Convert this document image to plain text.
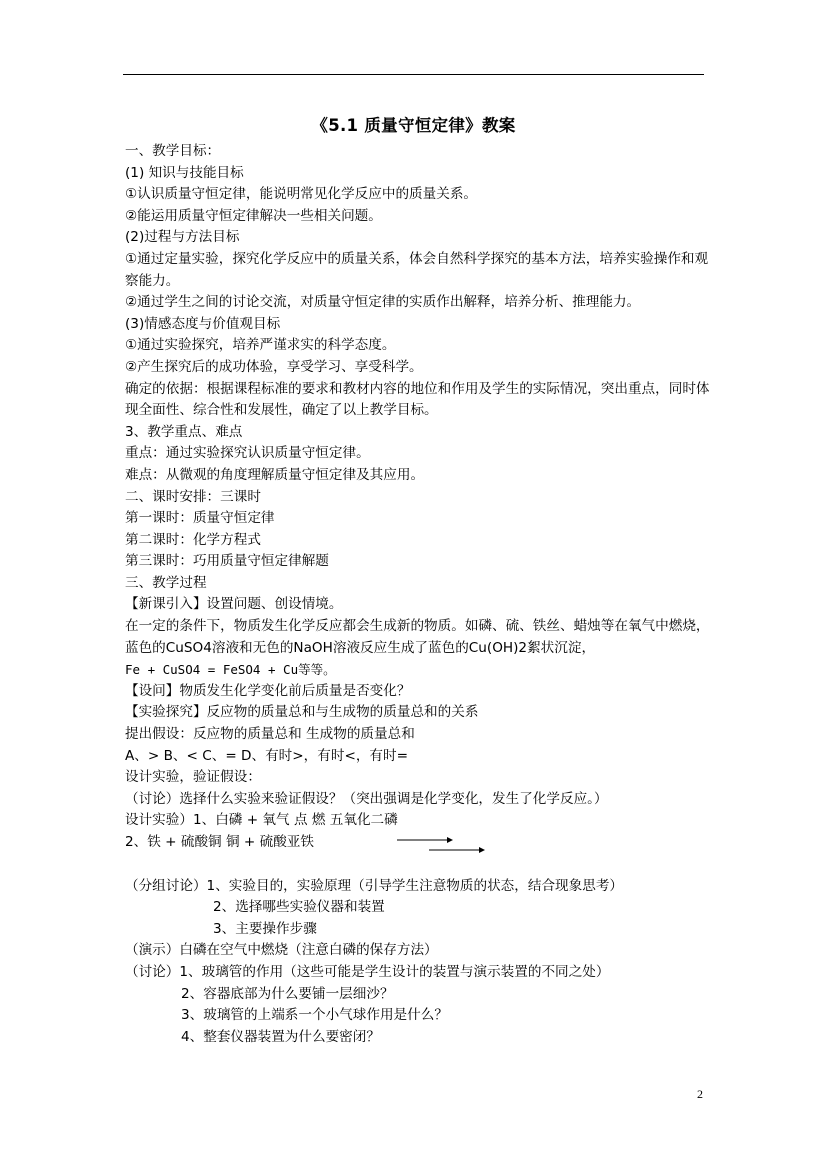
《5.1 质量守恒定律》教案
一、教学目标：
(1) 知识与技能目标
①认识质量守恒定律，能说明常见化学反应中的质量关系。
②能运用质量守恒定律解决一些相关问题。
(2)过程与方法目标
①通过定量实验，探究化学反应中的质量关系，体会自然科学探究的基本方法，培养实验操作和观察能力。
②通过学生之间的讨论交流，对质量守恒定律的实质作出解释，培养分析、推理能力。
(3)情感态度与价值观目标
①通过实验探究，培养严谨求实的科学态度。
②产生探究后的成功体验，享受学习、享受科学。
确定的依据：根据课程标准的要求和教材内容的地位和作用及学生的实际情况，突出重点，同时体现全面性、综合性和发展性，确定了以上教学目标。
3、教学重点、难点
重点：通过实验探究认识质量守恒定律。
难点：从微观的角度理解质量守恒定律及其应用。
二、课时安排：三课时
第一课时：质量守恒定律
第二课时：化学方程式
第三课时：巧用质量守恒定律解题
三、教学过程
【新课引入】设置问题、创设情境。
在一定的条件下，物质发生化学反应都会生成新的物质。如磷、硫、铁丝、蜡烛等在氧气中燃烧，蓝色的CuSO4溶液和无色的NaOH溶液反应生成了蓝色的Cu(OH)2絮状沉淀，
Fe + CuSO4 = FeSO4 + Cu等等。
【设问】物质发生化学变化前后质量是否变化？
【实验探究】反应物的质量总和与生成物的质量总和的关系
提出假设：反应物的质量总和 生成物的质量总和
A、> B、< C、= D、有时>，有时<，有时=
设计实验，验证假设：
（讨论）选择什么实验来验证假设？（突出强调是化学变化，发生了化学反应。）
设计实验）1、白磷 + 氧气 点 燃 五氧化二磷
2、铁 + 硫酸铜 铜 + 硫酸亚铁
（分组讨论）1、实验目的，实验原理（引导学生注意物质的状态，结合现象思考）
2、选择哪些实验仪器和装置
3、主要操作步骤
（演示）白磷在空气中燃烧（注意白磷的保存方法）
（讨论）1、玻璃管的作用（这些可能是学生设计的装置与演示装置的不同之处）
2、容器底部为什么要铺一层细沙？
3、玻璃管的上端系一个小气球作用是什么？
4、整套仪器装置为什么要密闭？
2
